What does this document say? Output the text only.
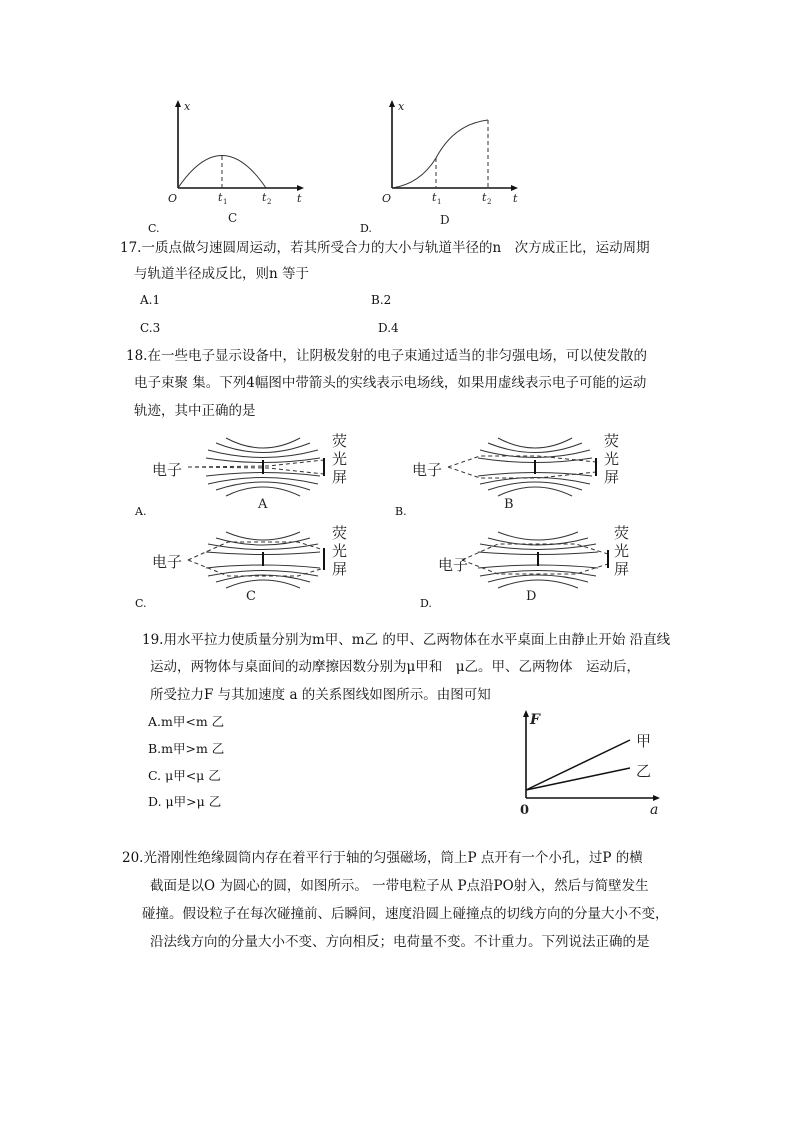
x
O	t 1	t 2 t
C
C.
x
O	t 1	t 2 t
D
D.
17.一质点做匀速圆周运动，若其所受合力的大小与轨道半径的n　次方成正比，运动周期
与轨道半径成反比，则n 等于
A.1	B.2
C.3	D.4
18.在一些电子显示设备中，让阴极发射的电子束通过适当的非匀强电场，可以使发散的
电子束聚 集。下列4幅图中带箭头的实线表示电场线，如果用虚线表示电子可能的运动
轨迹，其中正确的是
电子
荧
光
屏
A
A.
电子
荧
光
屏
B
B.
电子
荧
光
屏
C
C.
电子
荧
光
屏
D
D.
19.用水平拉力使质量分别为m甲、m乙 的甲、乙两物体在水平桌面上由静止开始 沿直线
运动，两物体与桌面间的动摩擦因数分别为μ甲和　μ乙。甲、乙两物体　运动后，
所受拉力F 与其加速度 a 的关系图线如图所示。由图可知
A.m甲<m 乙
B.m甲>m 乙
C. μ甲<μ 乙
D. μ甲>μ 乙
F
0	a
甲
乙
20.光滑刚性绝缘圆筒内存在着平行于轴的匀强磁场，筒上P 点开有一个小孔，过P 的横
截面是以O 为圆心的圆，如图所示。 一带电粒子从 P点沿PO射入，然后与简壁发生
碰撞。假设粒子在每次碰撞前、后瞬间，速度沿圆上碰撞点的切线方向的分量大小不变，
沿法线方向的分量大小不变、方向相反；电荷量不变。不计重力。下列说法正确的是
